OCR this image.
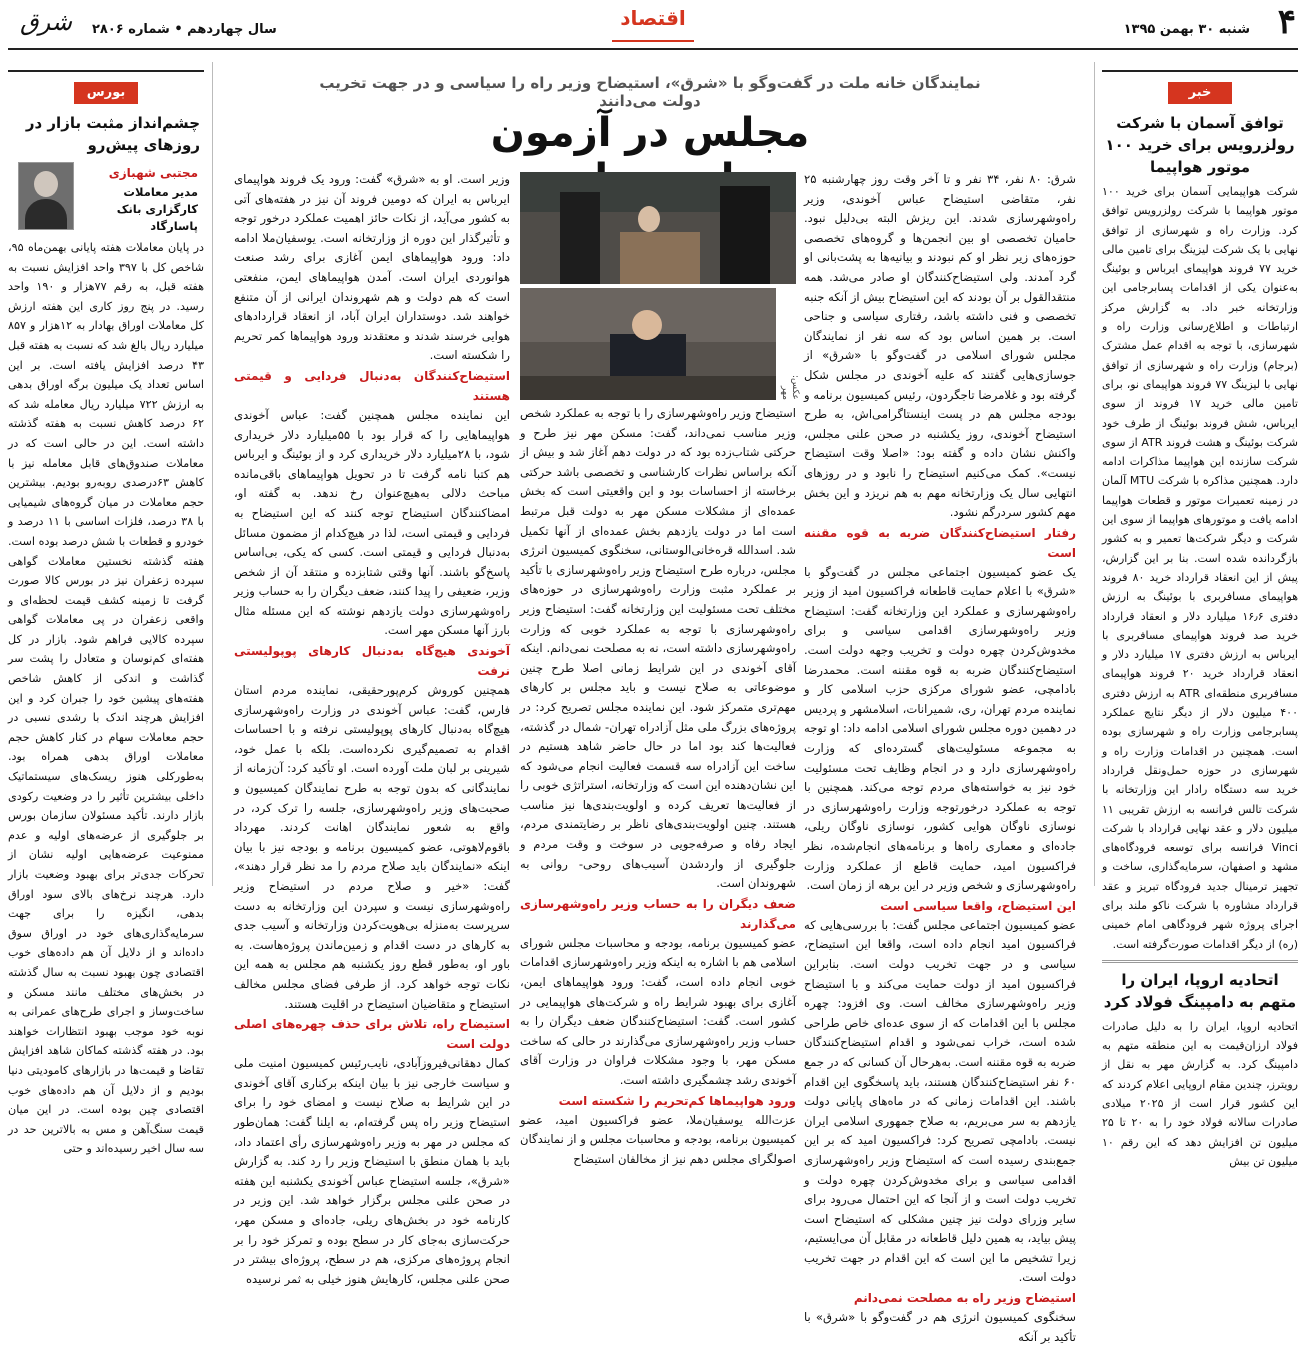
۴
شنبه ۳۰ بهمن ۱۳۹۵
اقتصاد
شرق سال چهاردهم • شماره ۲۸۰۶
خبر
توافق آسمان با شرکت رولزرویس برای خرید ۱۰۰ موتور هواپیما
شرکت هواپیمایی آسمان برای خرید ۱۰۰ موتور هواپیما با شرکت رولزرویس توافق کرد. وزارت راه و شهرسازی از توافق نهایی با یک شرکت لیزینگ برای تامین مالی خرید ۷۷ فروند هواپیمای ایرباس و بوئینگ به‌عنوان یکی از اقدامات پسابرجامی این وزارتخانه خبر داد. به گزارش مرکز ارتباطات و اطلاع‌رسانی وزارت راه و شهرسازی، با توجه به اقدام عمل مشترک (برجام) وزارت راه و شهرسازی از توافق نهایی با لیزینگ ۷۷ فروند هواپیمای نو، برای تامین مالی خرید ۱۷ فروند از سوی ایرباس، شش فروند بوئینگ از طرف خود شرکت بوئینگ و هشت فروند ATR از سوی شرکت سازنده این هواپیما مذاکرات ادامه دارد. همچنین مذاکره با شرکت MTU آلمان در زمینه تعمیرات موتور و قطعات هواپیما ادامه یافت و موتورهای هواپیما از سوی این شرکت و دیگر شرکت‌ها تعمیر و به کشور بازگردانده شده است. بنا بر این گزارش، پیش از این انعقاد قرارداد خرید ۸۰ فروند هواپیمای مسافربری با بوئینگ به ارزش دفتری ۱۶٫۶ میلیارد دلار و انعقاد قرارداد خرید صد فروند هواپیمای مسافربری با ایرباس به ارزش دفتری ۱۷ میلیارد دلار و انعقاد قرارداد خرید ۲۰ فروند هواپیمای مسافربری منطقه‌ای ATR به ارزش دفتری ۴۰۰ میلیون دلار از دیگر نتایج عملکرد پسابرجامی وزارت راه و شهرسازی بوده است. همچنین در اقدامات وزارت راه و شهرسازی در حوزه حمل‌ونقل قرارداد خرید سه دستگاه رادار این وزارتخانه با شرکت تالس فرانسه به ارزش تقریبی ۱۱ میلیون دلار و عقد نهایی قرارداد با شرکت Vinci فرانسه برای توسعه فرودگاه‌های مشهد و اصفهان، سرمایه‌گذاری، ساخت و تجهیز ترمینال جدید فرودگاه تبریز و عقد قرارداد مشاوره با شرکت ناکو ملند برای اجرای پروژه شهر فرودگاهی امام خمینی (ره) از دیگر اقدامات صورت‌گرفته است.
اتحادیه اروپا، ایران را متهم به دامپینگ فولاد کرد
اتحادیه اروپا، ایران را به دلیل صادرات فولاد ارزان‌قیمت به این منطقه متهم به دامپینگ کرد. به گزارش مهر به نقل از رویترز، چندین مقام اروپایی اعلام کردند که این کشور قرار است از ۲۰۲۵ میلادی صادرات سالانه فولاد خود را به ۲۰ تا ۲۵ میلیون تن افزایش دهد که این رقم ۱۰ میلیون تن بیش
بورس
چشم‌انداز مثبت بازار در روزهای پیش‌رو
مجتبی شهبازی
مدیر معاملات کارگزاری بانک پاسارگاد
در پایان معاملات هفته پایانی بهمن‌ماه ۹۵، شاخص کل با ۳۹۷ واحد افزایش نسبت به هفته قبل، به رقم ۷۷هزار و ۱۹۰ واحد رسید. در پنج روز کاری این هفته ارزش کل معاملات اوراق بهادار به ۱۲هزار و ۸۵۷ میلیارد ریال بالغ شد که نسبت به هفته قبل ۴۳ درصد افزایش یافته است. بر این اساس تعداد یک میلیون برگه اوراق بدهی به ارزش ۷۲۲ میلیارد ریال معامله شد که ۶۲ درصد کاهش نسبت به هفته گذشته داشته است. این در حالی است که در معاملات صندوق‌های قابل معامله نیز با کاهش ۶۳درصدی روبه‌رو بودیم. بیشترین حجم معاملات در میان گروه‌های شیمیایی با ۳۸ درصد، فلزات اساسی با ۱۱ درصد و خودرو و قطعات با شش درصد بوده است. هفته گذشته نخستین معاملات گواهی سپرده زعفران نیز در بورس کالا صورت گرفت تا زمینه کشف قیمت لحظه‌ای و واقعی زعفران در پی معاملات گواهی سپرده کالایی فراهم شود. بازار در کل هفته‌ای کم‌نوسان و متعادل را پشت سر گذاشت و اندکی از کاهش شاخص هفته‌های پیشین خود را جبران کرد و این افزایش هرچند اندک با رشدی نسبی در حجم معاملات سهام در کنار کاهش حجم معاملات اوراق بدهی همراه بود. به‌طورکلی هنوز ریسک‌های سیستماتیک داخلی بیشترین تأثیر را در وضعیت رکودی بازار دارند. تأکید مسئولان سازمان بورس بر جلوگیری از عرضه‌های اولیه و عدم ممنوعیت عرضه‌هایی اولیه نشان از تحرکات جدی‌تر برای بهبود وضعیت بازار دارد. هرچند نرخ‌های بالای سود اوراق بدهی، انگیزه را برای جهت سرمایه‌گذاری‌های خود در اوراق سوق داده‌اند و از دلایل آن هم داده‌های خوب اقتصادی چون بهبود نسبت به سال گذشته در بخش‌های مختلف مانند مسکن و ساخت‌وساز و اجرای طرح‌های عمرانی به نوبه خود موجب بهبود انتظارات خواهند بود. در هفته گذشته کماکان شاهد افزایش تقاضا و قیمت‌ها در بازارهای کامودیتی دنیا بودیم و از دلایل آن هم داده‌های خوب اقتصادی چین بوده است. در این میان قیمت سنگ‌آهن و مس به بالاترین حد در سه سال اخیر رسیده‌اند و حتی
نمایندگان خانه ملت در گفت‌وگو با «شرق»، استیضاح وزیر راه را سیاسی و در جهت تخریب دولت می‌دانند
مجلس در آزمون
عکس: مهر
شرق: ۸۰ نفر، ۳۴ نفر و تا آخر وقت روز چهارشنبه ۲۵ نفر، متقاضی استیضاح عباس آخوندی، وزیر راه‌وشهرسازی شدند. این ریزش البته بی‌دلیل نبود. حامیان تخصصی او بین انجمن‌ها و گروه‌های تخصصی حوزه‌های زیر نظر او کم نبودند و بیانیه‌ها به پشت‌بانی او گرد آمدند. ولی استیضاح‌کنندگان او صادر می‌شد. همه منتقدالقول بر آن بودند که این استیضاح بیش از آنکه جنبه تخصصی و فنی داشته باشد، رفتاری سیاسی و جناحی است. بر همین اساس بود که سه نفر از نمایندگان مجلس شورای اسلامی در گفت‌وگو با «شرق» از جوسازی‌هایی گفتند که علیه آخوندی در مجلس شکل گرفته بود و غلامرضا تاجگردون، رئیس کمیسیون برنامه و بودجه مجلس هم در پست اینستاگرامی‌اش، به طرح استیضاح آخوندی، روز یکشنبه در صحن علنی مجلس، واکنش نشان داده و گفته بود: «اصلا وقت استیضاح نیست». کمک می‌کنیم استیضاح را نابود و در روزهای انتهایی سال یک وزارتخانه مهم به هم نریزد و این بخش مهم کشور سردرگم نشود.
رفتار استیضاح‌کنندگان ضربه به قوه مقننه است
یک عضو کمیسیون اجتماعی مجلس در گفت‌وگو با «شرق» با اعلام حمایت قاطعانه فراکسیون امید از وزیر راه‌وشهرسازی و عملکرد این وزارتخانه گفت: استیضاح وزیر راه‌وشهرسازی اقدامی سیاسی و برای مخدوش‌کردن چهره دولت و تخریب وجهه دولت است. استیضاح‌کنندگان ضربه به قوه مقننه است. محمدرضا بادامچی، عضو شورای مرکزی حزب اسلامی کار و نماینده مردم تهران، ری، شمیرانات، اسلامشهر و پردیس در دهمین دوره مجلس شورای اسلامی ادامه داد: او توجه به مجموعه مسئولیت‌های گسترده‌ای که وزارت راه‌وشهرسازی دارد و در انجام وظایف تحت مسئولیت خود نیز به خواسته‌های مردم توجه می‌کند. همچنین با توجه به عملکرد درخورتوجه وزارت راه‌وشهرسازی در نوسازی ناوگان هوایی کشور، نوسازی ناوگان ریلی، جاده‌ای و معماری راه‌ها و برنامه‌های انجام‌شده، نظر فراکسیون امید، حمایت قاطع از عملکرد وزارت راه‌وشهرسازی و شخص وزیر در این برهه از زمان است.
این استیضاح، واقعا سیاسی است
عضو کمیسیون اجتماعی مجلس گفت: با بررسی‌هایی که فراکسیون امید انجام داده است، واقعا این استیضاح، سیاسی و در جهت تخریب دولت است. بنابراین فراکسیون امید از دولت حمایت می‌کند و با استیضاح وزیر راه‌وشهرسازی مخالف است. وی افزود: چهره مجلس با این اقدامات که از سوی عده‌ای خاص طراحی شده است، خراب نمی‌شود و اقدام استیضاح‌کنندگان ضربه به قوه مقننه است. به‌هرحال آن کسانی که در جمع ۶۰ نفر استیضاح‌کنندگان هستند، باید پاسخگوی این اقدام باشند. این اقدامات زمانی که در ماه‌های پایانی دولت یازدهم به سر می‌بریم، به صلاح جمهوری اسلامی ایران نیست. بادامچی تصریح کرد: فراکسیون امید که بر این جمع‌بندی رسیده است که استیضاح وزیر راه‌وشهرسازی اقدامی سیاسی و برای مخدوش‌کردن چهره دولت و تخریب دولت است و از آنجا که این احتمال می‌رود برای سایر وزرای دولت نیز چنین مشکلی که استیضاح است پیش بیاید، به همین دلیل قاطعانه در مقابل آن می‌ایستیم، زیرا تشخیص ما این است که این اقدام در جهت تخریب دولت است.
استیضاح وزیر راه به مصلحت نمی‌دانم
سخنگوی کمیسیون انرژی هم در گفت‌وگو با «شرق» با تأکید بر آنکه
استیضاح وزیر راه‌وشهرسازی را با توجه به عملکرد شخص وزیر مناسب نمی‌داند، گفت: مسکن مهر نیز طرح و حرکتی شتاب‌زده بود که در دولت دهم آغاز شد و بیش از آنکه براساس نظرات کارشناسی و تخصصی باشد حرکتی برخاسته از احساسات بود و این واقعیتی است که بخش عمده‌ای از مشکلات مسکن مهر به دولت قبل مرتبط است اما در دولت یازدهم بخش عمده‌ای از آنها تکمیل شد. اسدالله قره‌خانی‌الوستانی، سخنگوی کمیسیون انرژی مجلس، درباره طرح استیضاح وزیر راه‌وشهرسازی با تأکید بر عملکرد مثبت وزارت راه‌وشهرسازی در حوزه‌های مختلف تحت مسئولیت این وزارتخانه گفت: استیضاح وزیر راه‌وشهرسازی با توجه به عملکرد خوبی که وزارت راه‌وشهرسازی داشته است، نه به مصلحت نمی‌دانم. اینکه آقای آخوندی در این شرایط زمانی اصلا طرح چنین موضوعاتی به صلاح نیست و باید مجلس بر کارهای مهم‌تری متمرکز شود. این نماینده مجلس تصریح کرد: در پروژه‌های بزرگ ملی مثل آزادراه تهران- شمال در گذشته، فعالیت‌ها کند بود اما در حال حاضر شاهد هستیم در ساخت این آزادراه سه قسمت فعالیت انجام می‌شود که این نشان‌دهنده این است که وزارتخانه، استراتژی خوبی را از فعالیت‌ها تعریف کرده و اولویت‌بندی‌ها نیز مناسب هستند. چنین اولویت‌بندی‌های ناظر بر رضایتمندی مردم، ایجاد رفاه و صرفه‌جویی در سوخت و وقت مردم و جلوگیری از وارد‌شدن آسیب‌های روحی- روانی به شهروندان است.
ضعف دیگران را به حساب وزیر راه‌وشهرسازی می‌گذارند
عضو کمیسیون برنامه، بودجه و محاسبات مجلس شورای اسلامی هم با اشاره به اینکه وزیر راه‌وشهرسازی اقدامات خوبی انجام داده است، گفت: ورود هواپیماهای ایمن، آغازی برای بهبود شرایط راه و شرکت‌های هواپیمایی در کشور است. گفت: استیضاح‌کنندگان ضعف دیگران را به حساب وزیر راه‌وشهرسازی می‌گذارند در حالی که ساخت مسکن مهر، با وجود مشکلات فراوان در وزارت آقای آخوندی رشد چشمگیری داشته است.
ورود هواپیماها کم‌تحریم را شکسته است
عزت‌الله یوسفیان‌ملا، عضو فراکسیون امید، عضو کمیسیون برنامه، بودجه و محاسبات مجلس و از نمایندگان اصولگرای مجلس دهم نیز از مخالفان استیضاح
وزیر است. او به «شرق» گفت: ورود یک فروند هواپیمای ایرباس به ایران که دومین فروند آن نیز در هفته‌های آتی به کشور می‌آید، از نکات حائز اهمیت عملکرد درخور توجه و تأثیرگذار این دوره از وزارتخانه است. یوسفیان‌ملا ادامه داد: ورود هواپیماهای ایمن آغازی برای رشد صنعت هوانوردی ایران است. آمدن هواپیماهای ایمن، منفعتی است که هم دولت و هم شهروندان ایرانی از آن متنفع خواهند شد. دوستداران ایران آباد، از انعقاد قراردادهای هوایی خرسند شدند و معتقدند ورود هواپیماها کمر تحریم را شکسته است.
استیضاح‌کنندگان به‌دنبال فردایی و قیمتی هستند
این نماینده مجلس همچنین گفت: عباس آخوندی هواپیماهایی را که قرار بود با ۵۵میلیارد دلار خریداری شود، با ۲۸میلیارد دلار خریداری کرد و از بوئینگ و ایرباس هم کتبا نامه گرفت تا در تحویل هواپیماهای باقی‌مانده مباحث دلالی به‌هیچ‌عنوان رخ ندهد. به گفته او، امضاکنندگان استیضاح توجه کنند که این استیضاح به فردایی و قیمتی است، لذا در هیچ‌کدام از مضمون مسائل به‌دنبال فردایی و قیمتی است. کسی که یکی، بی‌اساس پاسخ‌گو باشند. آنها وقتی شتابزده و منتقد آن از شخص وزیر، ضعیفی را پیدا کنند، ضعف دیگران را به حساب وزیر راه‌وشهرسازی دولت یازدهم نوشته که این مسئله مثال بارز آنها مسکن مهر است.
آخوندی هیچ‌گاه به‌دنبال کارهای پوپولیستی نرفت
همچنین کوروش کرم‌پورحقیقی، نماینده مردم استان فارس، گفت: عباس آخوندی در وزارت راه‌وشهرسازی هیچ‌گاه به‌دنبال کارهای پوپولیستی نرفته و با احساسات اقدام به تصمیم‌گیری نکرده‌است. بلکه با عمل خود، شیرینی بر لبان ملت آورده است. او تأکید کرد: آن‌زمانه از نمایندگانی که بدون توجه به طرح نمایندگان کمیسیون و صحبت‌های وزیر راه‌وشهرسازی، جلسه را ترک کرد، در واقع به شعور نمایندگان اهانت کردند. مهرداد باقوم‌لاهوتی، عضو کمیسیون برنامه و بودجه نیز با بیان اینکه «نمایندگان باید صلاح مردم را مد نظر قرار دهند»، گفت: «خیر و صلاح مردم در استیضاح وزیر راه‌وشهرسازی نیست و سپردن این وزارتخانه به دست سرپرست به‌منزله بی‌هویت‌کردن وزارتخانه و آسیب جدی به کارهای در دست اقدام و زمین‌ماندن پروژه‌هاست. به باور او، به‌طور قطع روز یکشنبه هم مجلس به همه این نکات توجه خواهد کرد. از طرفی فضای مجلس مخالف استیضاح و متقاضیان استیضاح در اقلیت هستند.
استیضاح راه، تلاش برای حذف چهره‌های اصلی دولت است
کمال دهقانی‌فیروزآبادی، نایب‌رئیس کمیسیون امنیت ملی و سیاست خارجی نیز با بیان اینکه برکناری آقای آخوندی در این شرایط به صلاح نیست و امضای خود را برای استیضاح وزیر راه پس گرفته‌ام، به ایلنا گفت: همان‌طور که مجلس در مهر به وزیر راه‌وشهرسازی رأی اعتماد داد، باید با همان منطق با استیضاح وزیر را رد کند. به گزارش «شرق»، جلسه استیضاح عباس آخوندی یکشنبه این هفته در صحن علنی مجلس برگزار خواهد شد. این وزیر در کارنامه خود در بخش‌های ریلی، جاده‌ای و مسکن مهر، حرکت‌سازی به‌جای کار در سطح بوده و تمرکز خود را بر انجام پروژه‌های مرکزی، هم در سطح، پروژه‌ای بیشتر در صحن علنی مجلس، کارهایش هنوز خیلی به ثمر نرسیده
